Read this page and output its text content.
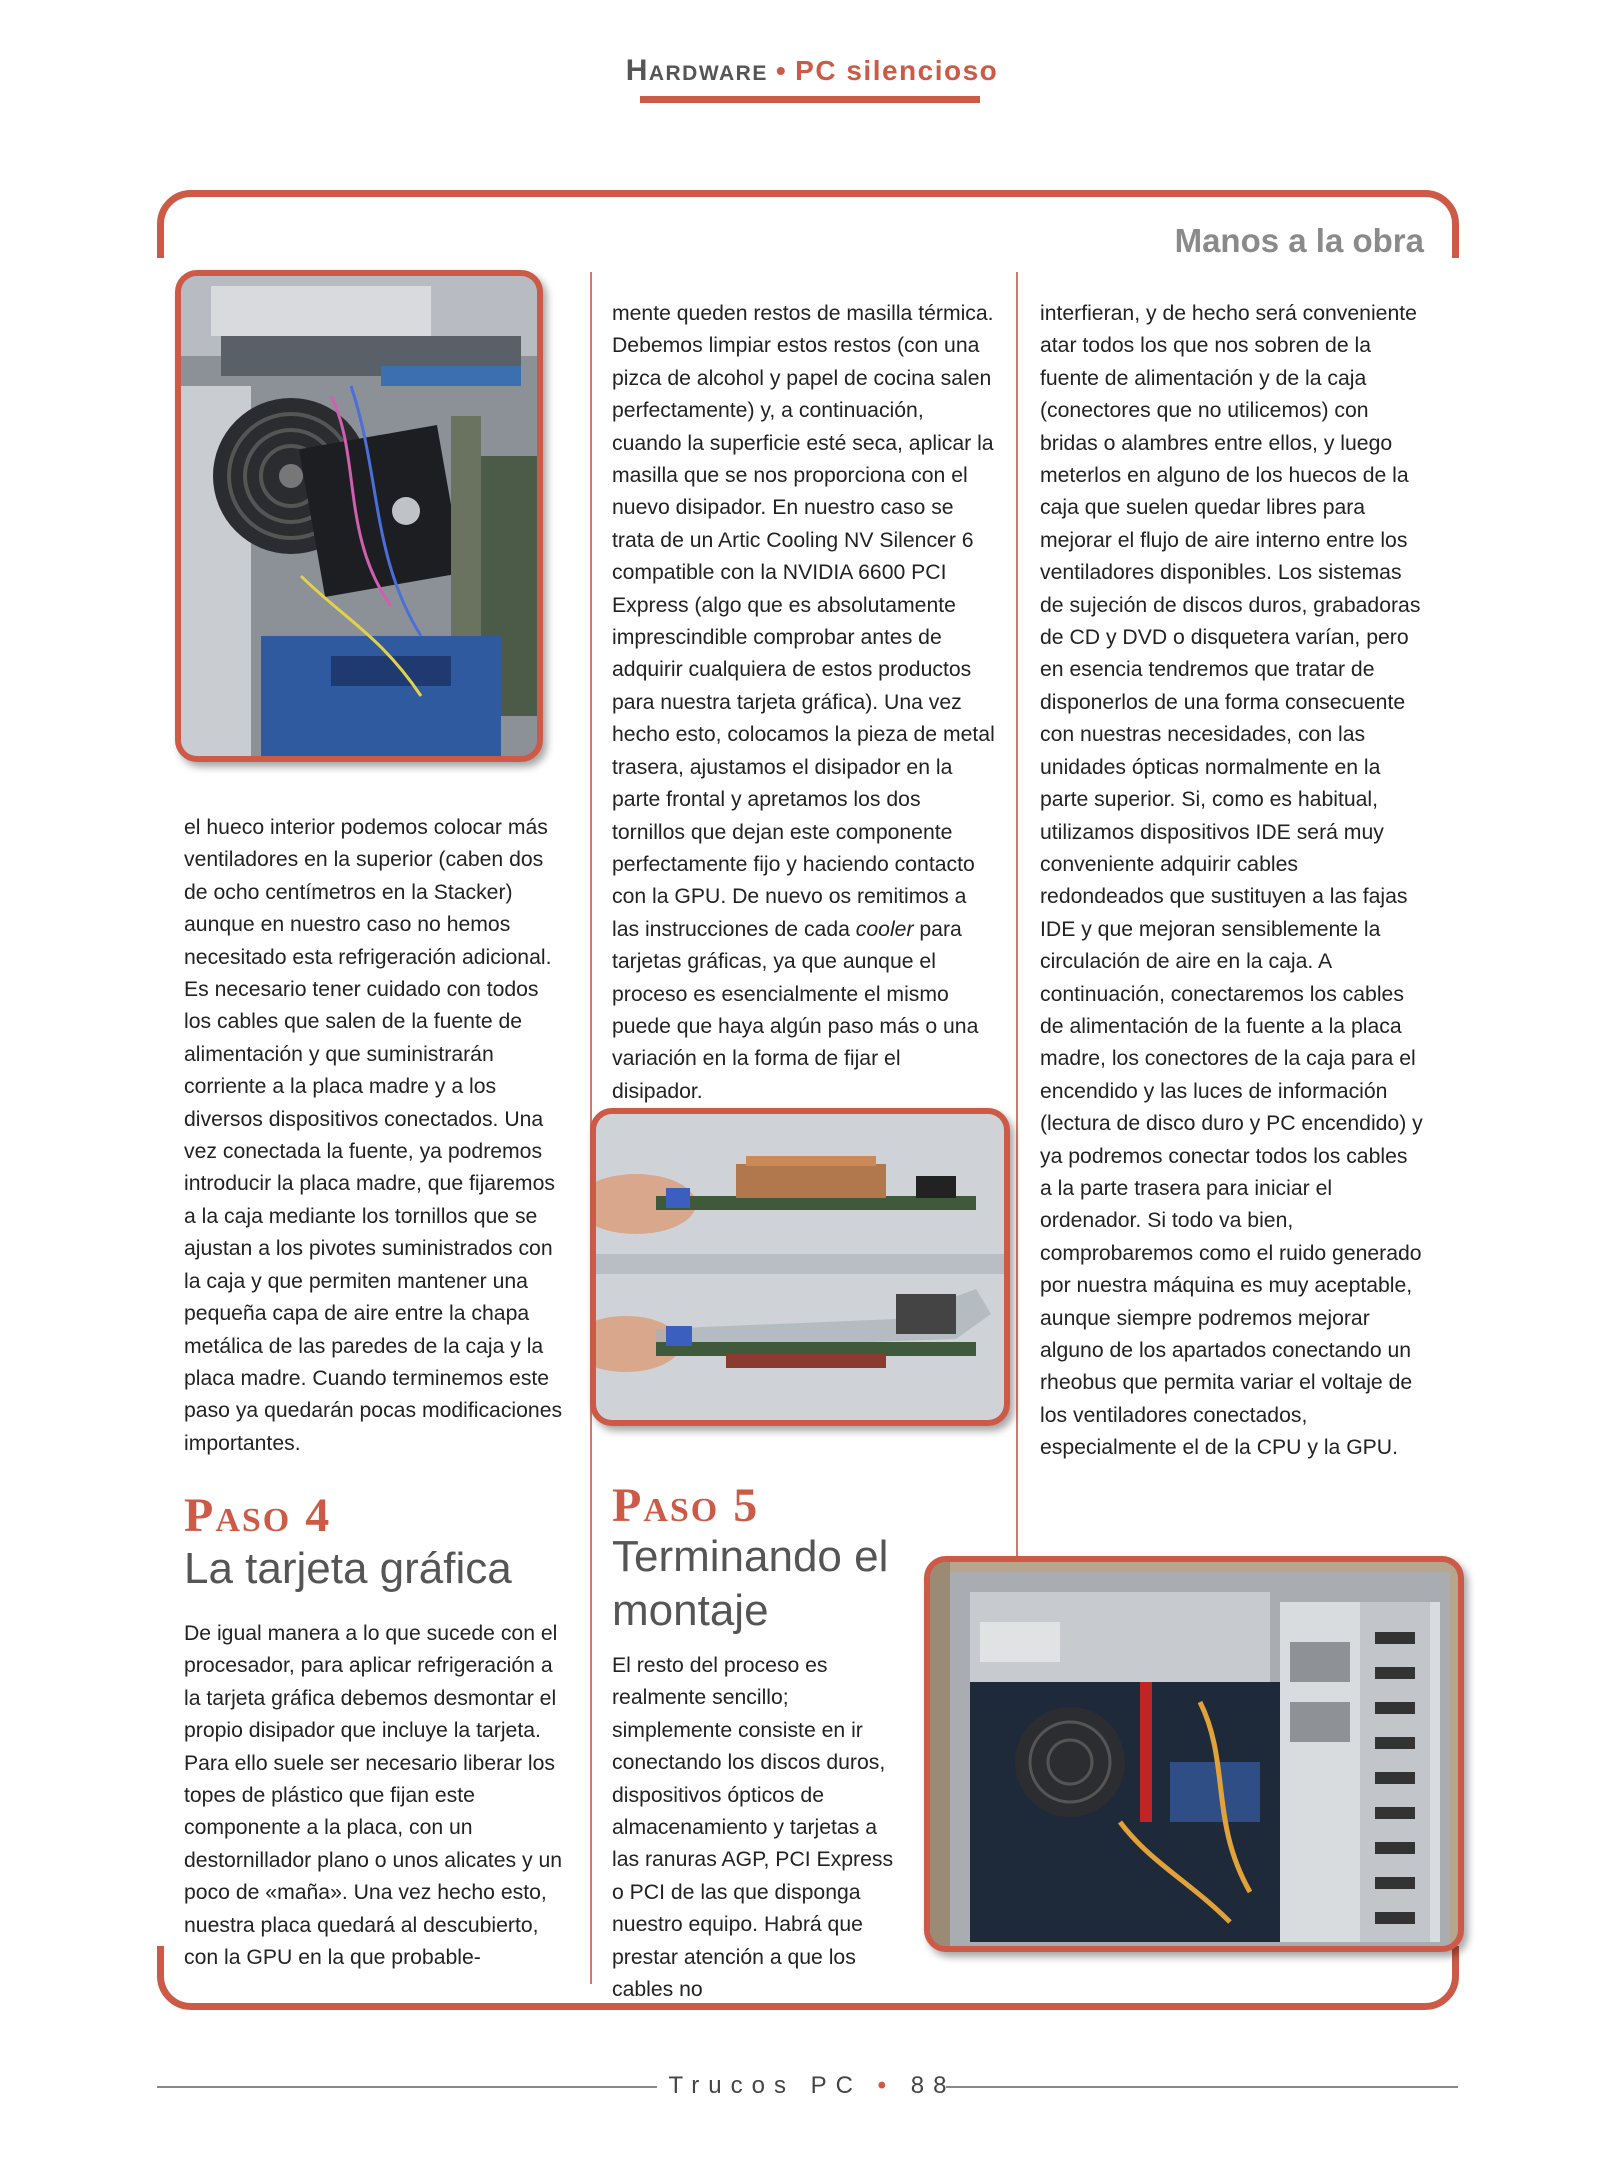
Hardware • PC silencioso
Manos a la obra
el hueco interior podemos colocar más ventiladores en la superior (caben dos de ocho centímetros en la Stacker) aunque en nuestro caso no hemos necesitado esta refrigeración adicional. Es necesario tener cuidado con todos los cables que salen de la fuente de alimentación y que suministrarán corriente a la placa madre y a los diversos dispositivos conectados. Una vez conectada la fuente, ya podremos introducir la placa madre, que fijaremos a la caja mediante los tornillos que se ajustan a los pivotes suministrados con la caja y que permiten mantener una pequeña capa de aire entre la chapa metálica de las paredes de la caja y la placa madre. Cuando terminemos este paso ya quedarán pocas modificaciones importantes.
Paso 4
La tarjeta gráfica
De igual manera a lo que sucede con el procesador, para aplicar refrigeración a la tarjeta gráfica debemos desmontar el propio disipador que incluye la tarjeta. Para ello suele ser necesario liberar los topes de plástico que fijan este componente a la placa, con un destornillador plano o unos alicates y un poco de «maña». Una vez hecho esto, nuestra placa quedará al descubierto, con la GPU en la que probable-
mente queden restos de masilla térmica. Debemos limpiar estos restos (con una pizca de alcohol y papel de cocina salen perfectamente) y, a continuación, cuando la superficie esté seca, aplicar la masilla que se nos proporciona con el nuevo disipador. En nuestro caso se trata de un Artic Cooling NV Silencer 6 compatible con la NVIDIA 6600 PCI Express (algo que es absolutamente imprescindible comprobar antes de adquirir cualquiera de estos productos para nuestra tarjeta gráfica). Una vez hecho esto, colocamos la pieza de metal trasera, ajustamos el disipador en la parte frontal y apretamos los dos tornillos que dejan este componente perfectamente fijo y haciendo contacto con la GPU. De nuevo os remitimos a las instrucciones de cada cooler para tarjetas gráficas, ya que aunque el proceso es esencialmente el mismo puede que haya algún paso más o una variación en la forma de fijar el disipador.
Paso 5
Terminando el montaje
El resto del proceso es realmente sencillo; simplemente consiste en ir conectando los discos duros, dispositivos ópticos de almacenamiento y tarjetas a las ranuras AGP, PCI Express o PCI de las que disponga nuestro equipo. Habrá que prestar atención a que los cables no
interfieran, y de hecho será conveniente atar todos los que nos sobren de la fuente de alimentación y de la caja (conectores que no utilicemos) con bridas o alambres entre ellos, y luego meterlos en alguno de los huecos de la caja que suelen quedar libres para mejorar el flujo de aire interno entre los ventiladores disponibles. Los sistemas de sujeción de discos duros, grabadoras de CD y DVD o disquetera varían, pero en esencia tendremos que tratar de disponerlos de una forma consecuente con nuestras necesidades, con las unidades ópticas normalmente en la parte superior. Si, como es habitual, utilizamos dispositivos IDE será muy conveniente adquirir cables redondeados que sustituyen a las fajas IDE y que mejoran sensiblemente la circulación de aire en la caja. A continuación, conectaremos los cables de alimentación de la fuente a la placa madre, los conectores de la caja para el encendido y las luces de información (lectura de disco duro y PC encendido) y ya podremos conectar todos los cables a la parte trasera para iniciar el ordenador. Si todo va bien, comprobaremos como el ruido generado por nuestra máquina es muy aceptable, aunque siempre podremos mejorar alguno de los apartados conectando un rheobus que permita variar el voltaje de los ventiladores conectados, especialmente el de la CPU y la GPU.
Trucos PC • 88
